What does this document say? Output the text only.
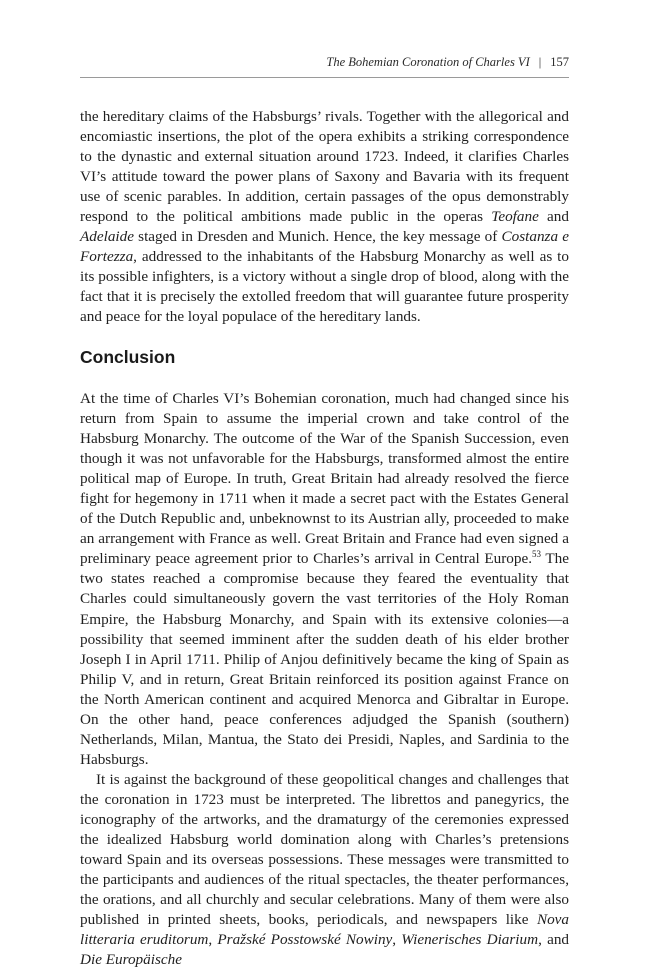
The Bohemian Coronation of Charles VI | 157

the hereditary claims of the Habsburgs’ rivals. Together with the allegorical and encomiastic insertions, the plot of the opera exhibits a striking correspondence to the dynastic and external situation around 1723. Indeed, it clarifies Charles VI’s attitude toward the power plans of Saxony and Bavaria with its frequent use of scenic parables. In addition, certain passages of the opus demonstrably respond to the political ambitions made public in the operas Teofane and Adelaide staged in Dresden and Munich. Hence, the key message of Costanza e Fortezza, addressed to the inhabitants of the Habsburg Monarchy as well as to its possible infighters, is a victory without a single drop of blood, along with the fact that it is precisely the extolled freedom that will guarantee future prosperity and peace for the loyal populace of the hereditary lands.

Conclusion

At the time of Charles VI’s Bohemian coronation, much had changed since his return from Spain to assume the imperial crown and take control of the Habsburg Monarchy. The outcome of the War of the Spanish Succession, even though it was not unfavorable for the Habsburgs, transformed almost the entire political map of Europe. In truth, Great Britain had already resolved the fierce fight for hegemony in 1711 when it made a secret pact with the Estates General of the Dutch Republic and, unbeknownst to its Austrian ally, proceeded to make an arrangement with France as well. Great Britain and France had even signed a preliminary peace agreement prior to Charles’s arrival in Central Europe.$^{53}$ The two states reached a compromise because they feared the eventuality that Charles could simultaneously govern the vast territories of the Holy Roman Empire, the Habsburg Monarchy, and Spain with its extensive colonies—a possibility that seemed imminent after the sudden death of his elder brother Joseph I in April 1711. Philip of Anjou definitively became the king of Spain as Philip V, and in return, Great Britain reinforced its position against France on the North American continent and acquired Menorca and Gibraltar in Europe. On the other hand, peace conferences adjudged the Spanish (southern) Netherlands, Milan, Mantua, the Stato dei Presidi, Naples, and Sardinia to the Habsburgs.

It is against the background of these geopolitical changes and challenges that the coronation in 1723 must be interpreted. The librettos and panegyrics, the iconography of the artworks, and the dramaturgy of the ceremonies expressed the idealized Habsburg world domination along with Charles’s pretensions toward Spain and its overseas possessions. These messages were transmitted to the participants and audiences of the ritual spectacles, the theater performances, the orations, and all churchly and secular celebrations. Many of them were also published in printed sheets, books, periodicals, and newspapers like Nova litteraria eruditorum, Pražské Posstowské Nowiny, Wienerisches Diarium, and Die Europäische
